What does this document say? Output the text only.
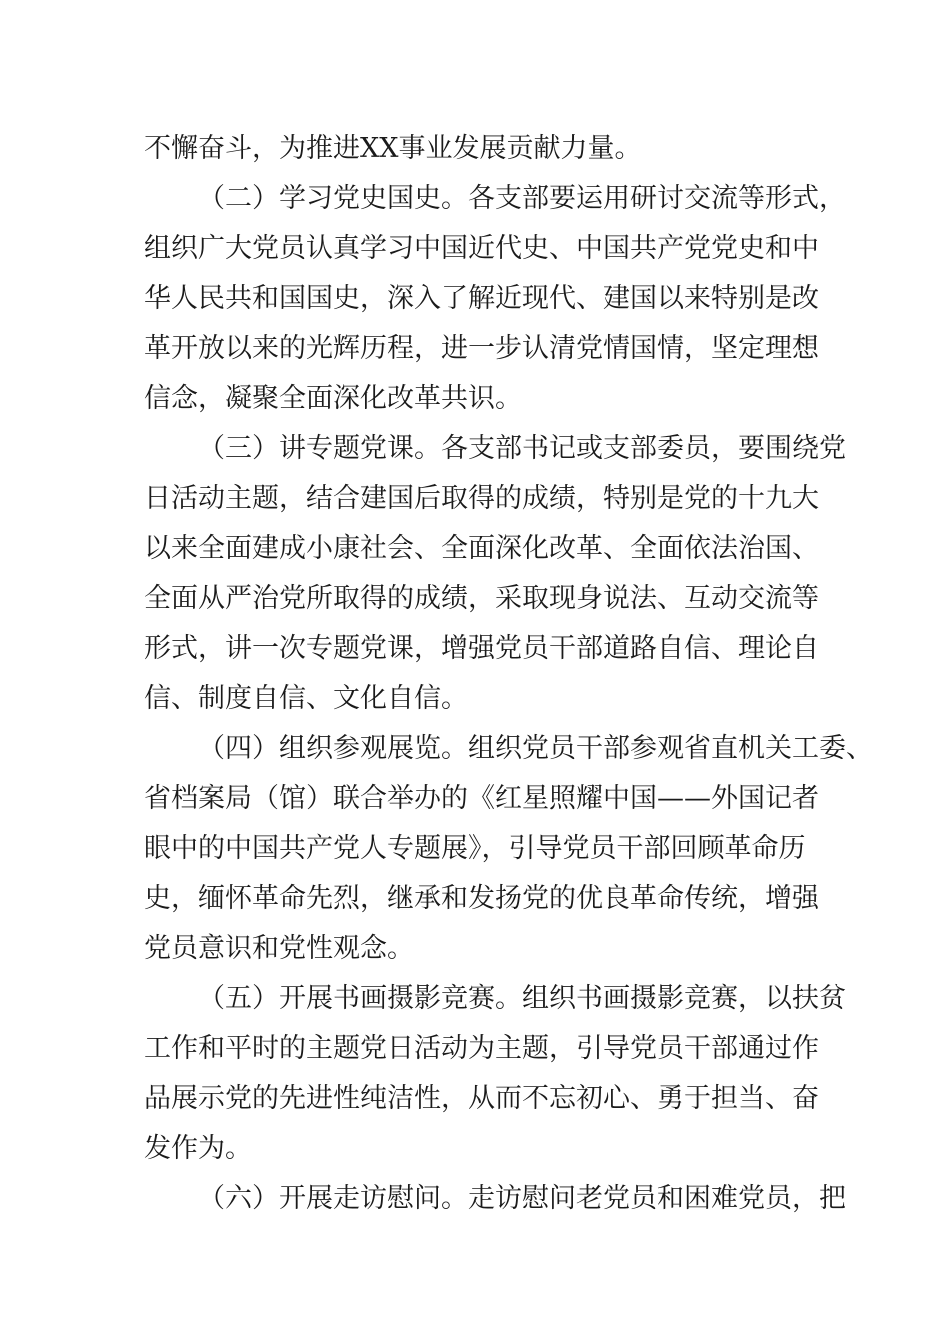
不懈奋斗，为推进XX事业发展贡献力量。
（二）学习党史国史。各支部要运用研讨交流等形式，
组织广大党员认真学习中国近代史、中国共产党党史和中
华人民共和国国史，深入了解近现代、建国以来特别是改
革开放以来的光辉历程，进一步认清党情国情，坚定理想
信念，凝聚全面深化改革共识。
（三）讲专题党课。各支部书记或支部委员，要围绕党
日活动主题，结合建国后取得的成绩，特别是党的十九大
以来全面建成小康社会、全面深化改革、全面依法治国、
全面从严治党所取得的成绩，采取现身说法、互动交流等
形式，讲一次专题党课，增强党员干部道路自信、理论自
信、制度自信、文化自信。
（四）组织参观展览。组织党员干部参观省直机关工委、
省档案局（馆）联合举办的《红星照耀中国——外国记者
眼中的中国共产党人专题展》，引导党员干部回顾革命历
史，缅怀革命先烈，继承和发扬党的优良革命传统，增强
党员意识和党性观念。
（五）开展书画摄影竞赛。组织书画摄影竞赛，以扶贫
工作和平时的主题党日活动为主题，引导党员干部通过作
品展示党的先进性纯洁性，从而不忘初心、勇于担当、奋
发作为。
（六）开展走访慰问。走访慰问老党员和困难党员，把
